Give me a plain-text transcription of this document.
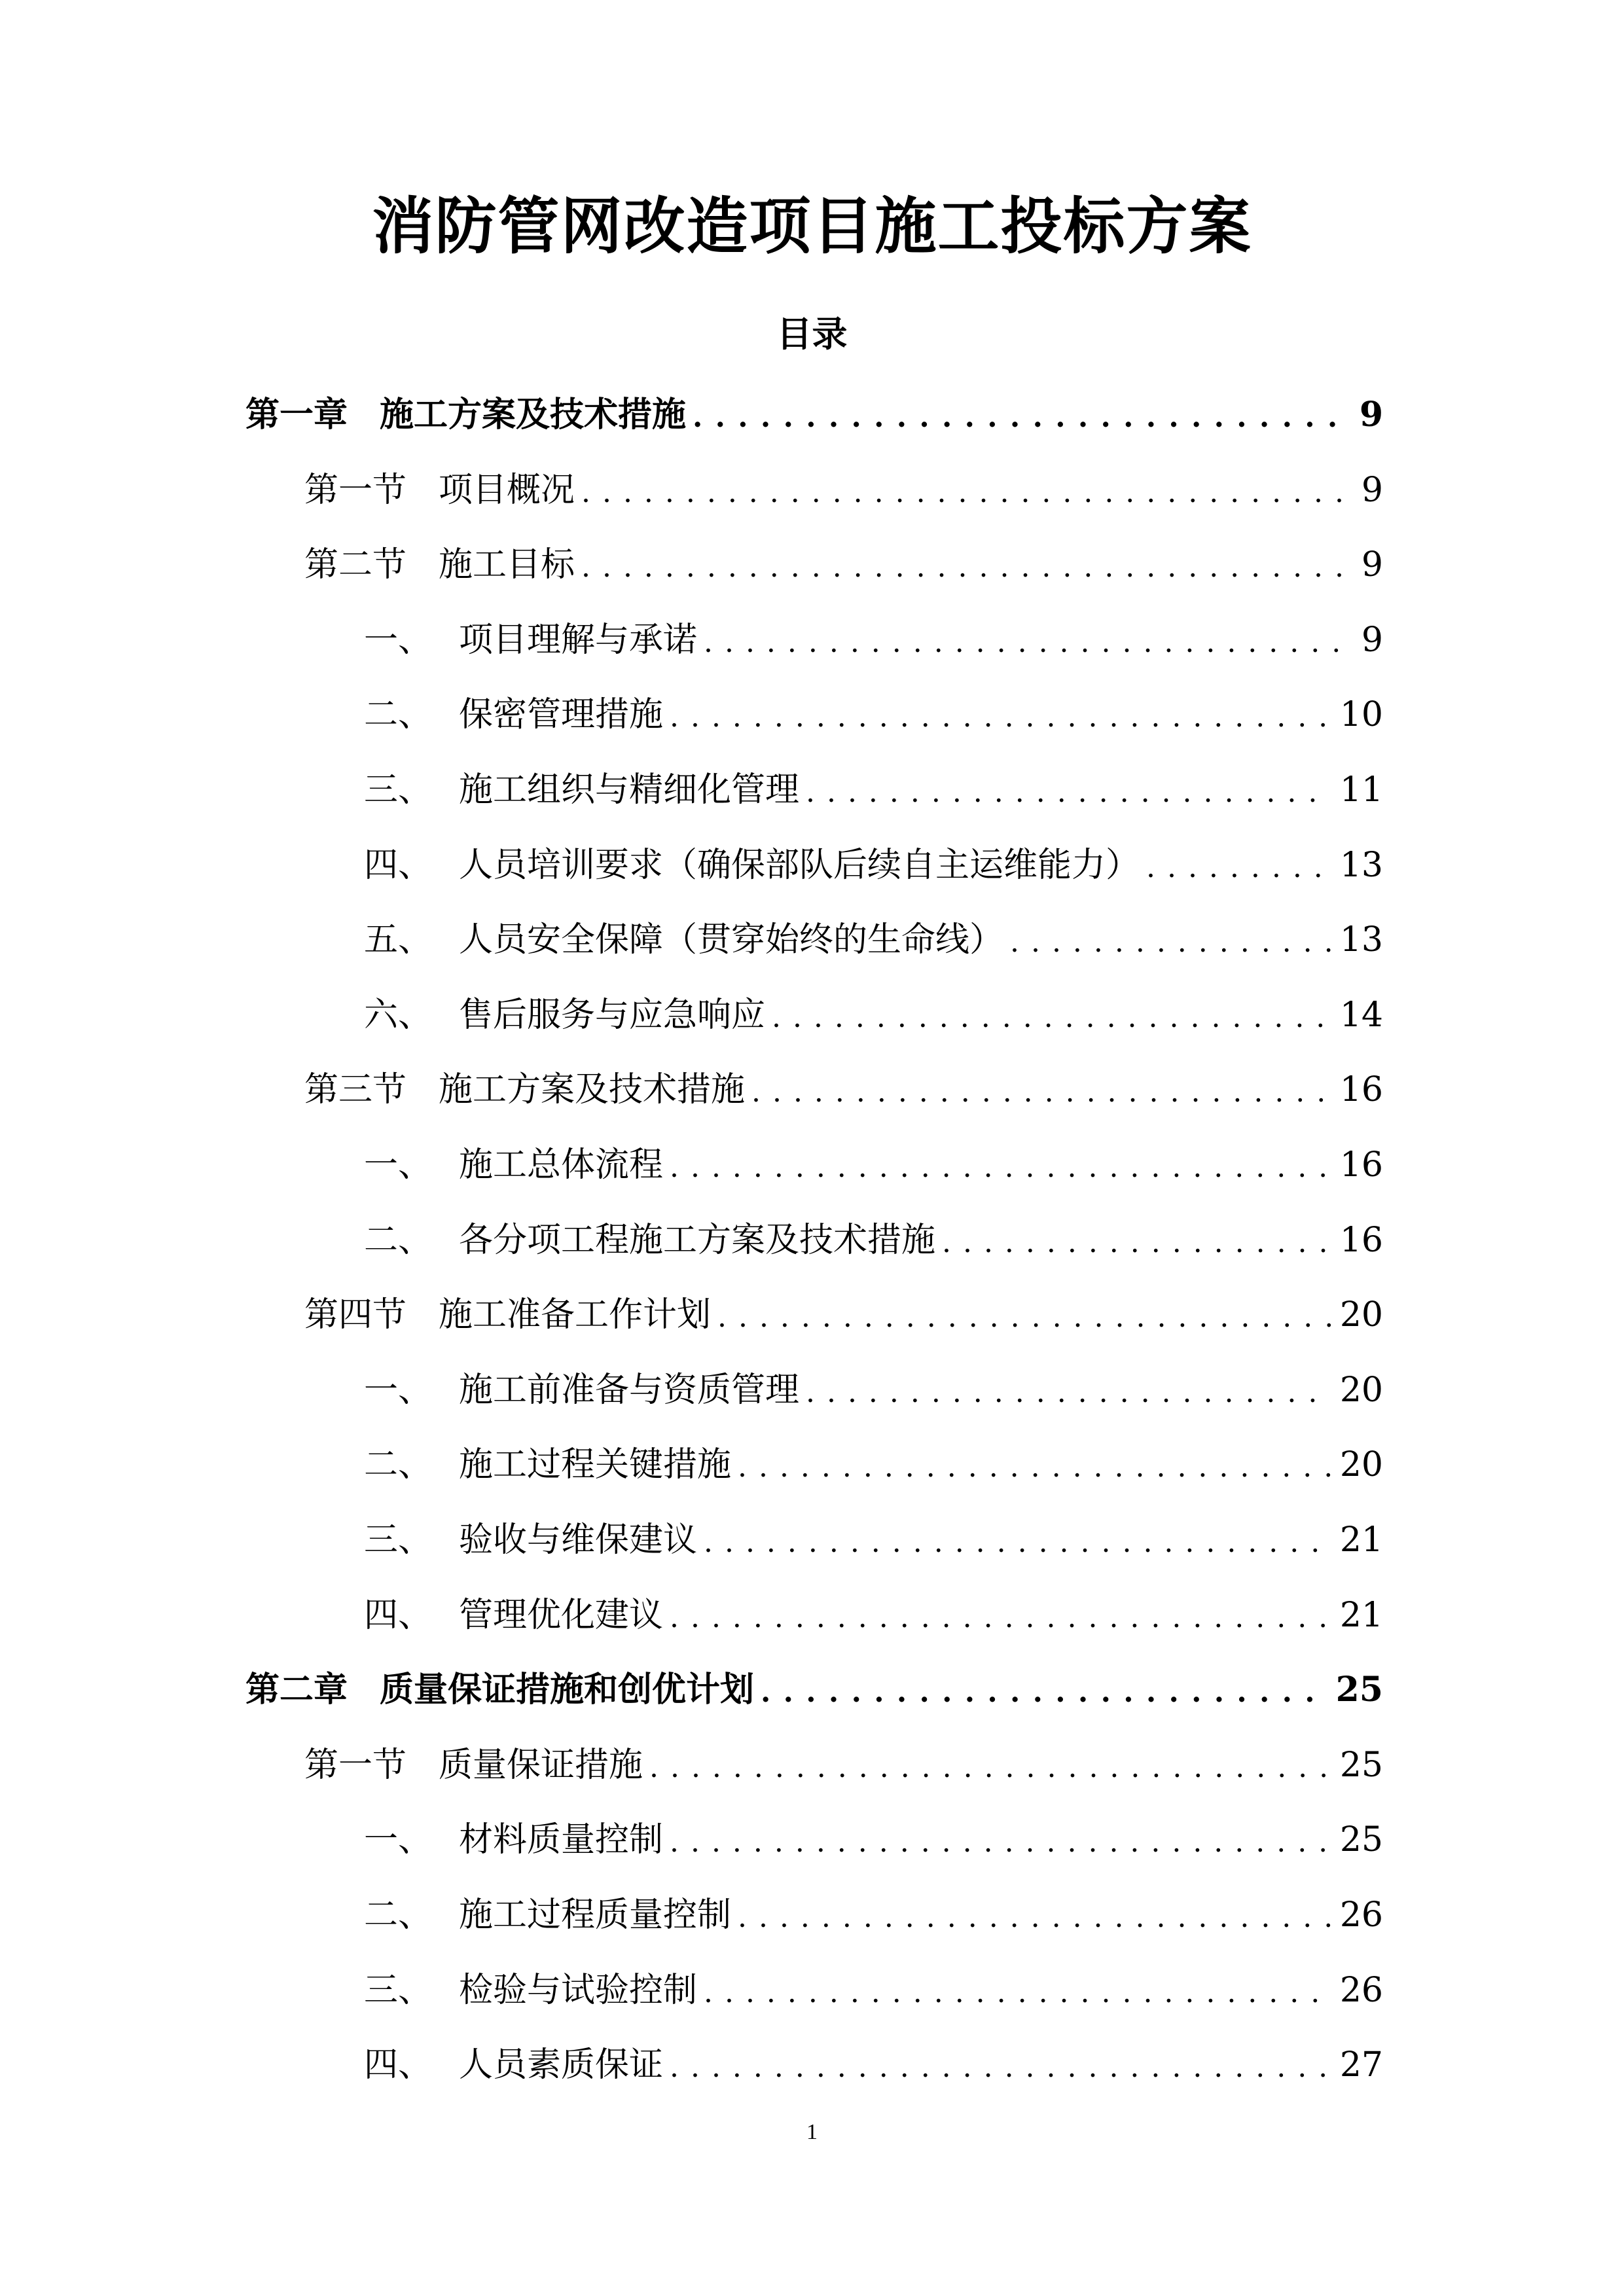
消防管网改造项目施工投标方案
目录
第一章 施工方案及技术措施 . . .	9
第一节 项目概况 . . .	9
第二节 施工目标 . . .	9
一、 项目理解与承诺 . . .	9
二、 保密管理措施 . . .	10
三、 施工组织与精细化管理 . . .	11
四、 人员培训要求（确保部队后续自主运维能力） . . .	13
五、 人员安全保障（贯穿始终的生命线） . . .	13
六、 售后服务与应急响应 . . .	14
第三节 施工方案及技术措施 . . .	16
一、 施工总体流程 . . .	16
二、 各分项工程施工方案及技术措施 . . .	16
第四节 施工准备工作计划 . . .	20
一、 施工前准备与资质管理 . . .	20
二、 施工过程关键措施 . . .	20
三、 验收与维保建议 . . .	21
四、 管理优化建议 . . .	21
第二章 质量保证措施和创优计划 . . .	25
第一节 质量保证措施 . . .	25
一、 材料质量控制 . . .	25
二、 施工过程质量控制 . . .	26
三、 检验与试验控制 . . .	26
四、 人员素质保证 . . .	27
1
